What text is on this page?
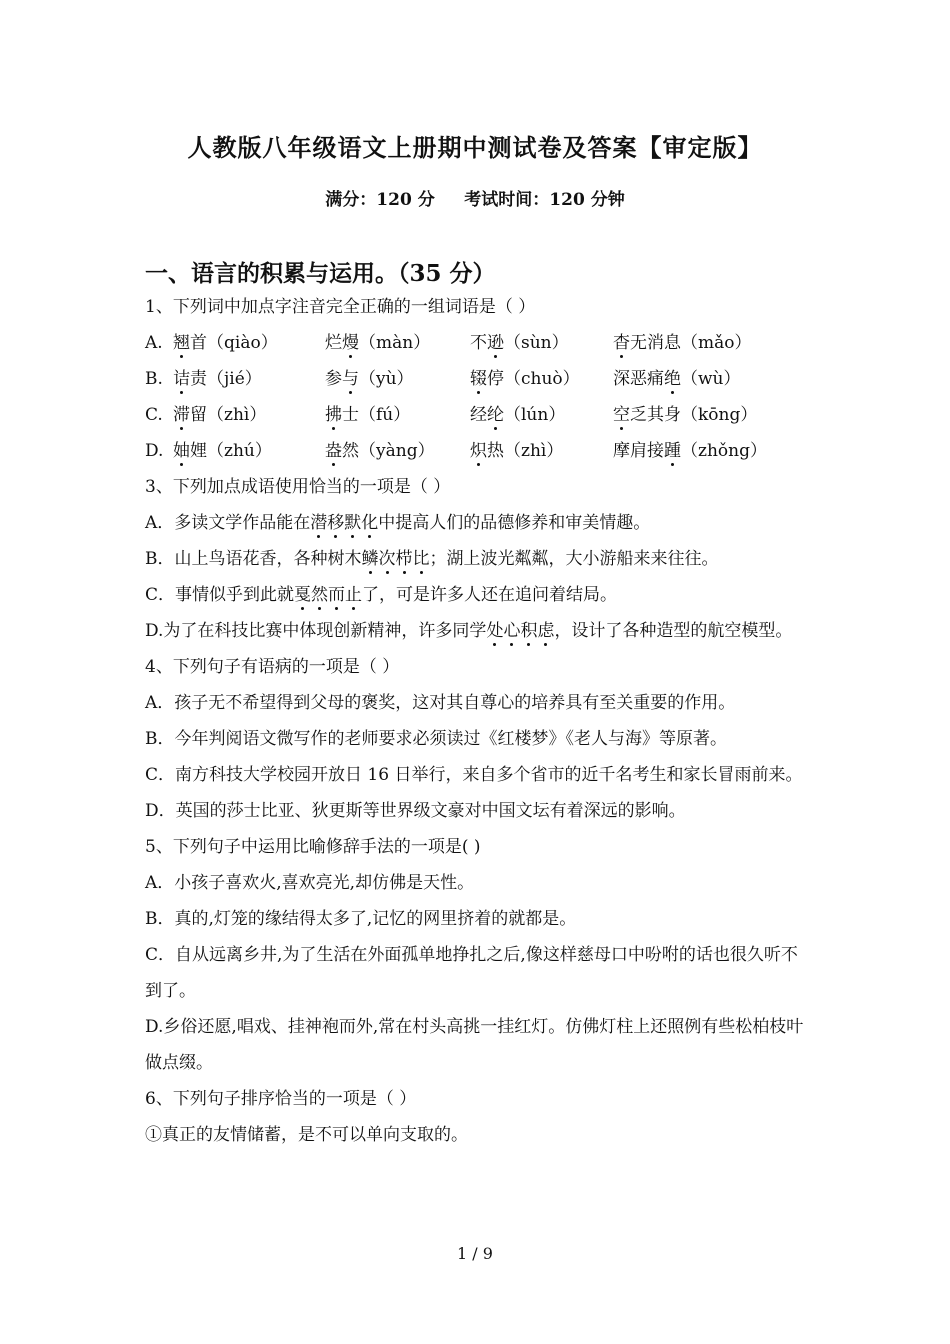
人教版八年级语文上册期中测试卷及答案【审定版】
满分：120 分     考试时间：120 分钟
一、语言的积累与运用。（35 分）
1、下列词中加点字注音完全正确的一组词语是（ ）
A. 翘首（qiào）	烂熳（màn）	不逊（sùn）	杳无消息（mǎo）
B. 诘责（jié）	参与（yù）	辍停（chuò）	深恶痛绝（wù）
C. 滞留（zhì）	拂士（fú）	经纶（lún）	空乏其身（kōng）
D. 妯娌（zhú）	盎然（yàng）	炽热（zhì）	摩肩接踵（zhǒng）
3、下列加点成语使用恰当的一项是（ ）
A．多读文学作品能在潜移默化中提高人们的品德修养和审美情趣。
B．山上鸟语花香，各种树木鳞次栉比；湖上波光粼粼，大小游船来来往往。
C．事情似乎到此就戛然而止了，可是许多人还在追问着结局。
D.为了在科技比赛中体现创新精神，许多同学处心积虑，设计了各种造型的航空模型。
4、下列句子有语病的一项是（ ）
A．孩子无不希望得到父母的褒奖，这对其自尊心的培养具有至关重要的作用。
B．今年判阅语文微写作的老师要求必须读过《红楼梦》《老人与海》等原著。
C．南方科技大学校园开放日 16 日举行，来自多个省市的近千名考生和家长冒雨前来。
D．英国的莎士比亚、狄更斯等世界级文豪对中国文坛有着深远的影响。
5、下列句子中运用比喻修辞手法的一项是( )
A．小孩子喜欢火,喜欢亮光,却仿佛是天性。
B．真的,灯笼的缘结得太多了,记忆的网里挤着的就都是。
C．自从远离乡井,为了生活在外面孤单地挣扎之后,像这样慈母口中吩咐的话也很久听不到了。
D.乡俗还愿,唱戏、挂神袍而外,常在村头高挑一挂红灯。仿佛灯柱上还照例有些松柏枝叶做点缀。
6、下列句子排序恰当的一项是（ ）
①真正的友情储蓄，是不可以单向支取的。
1 / 9
